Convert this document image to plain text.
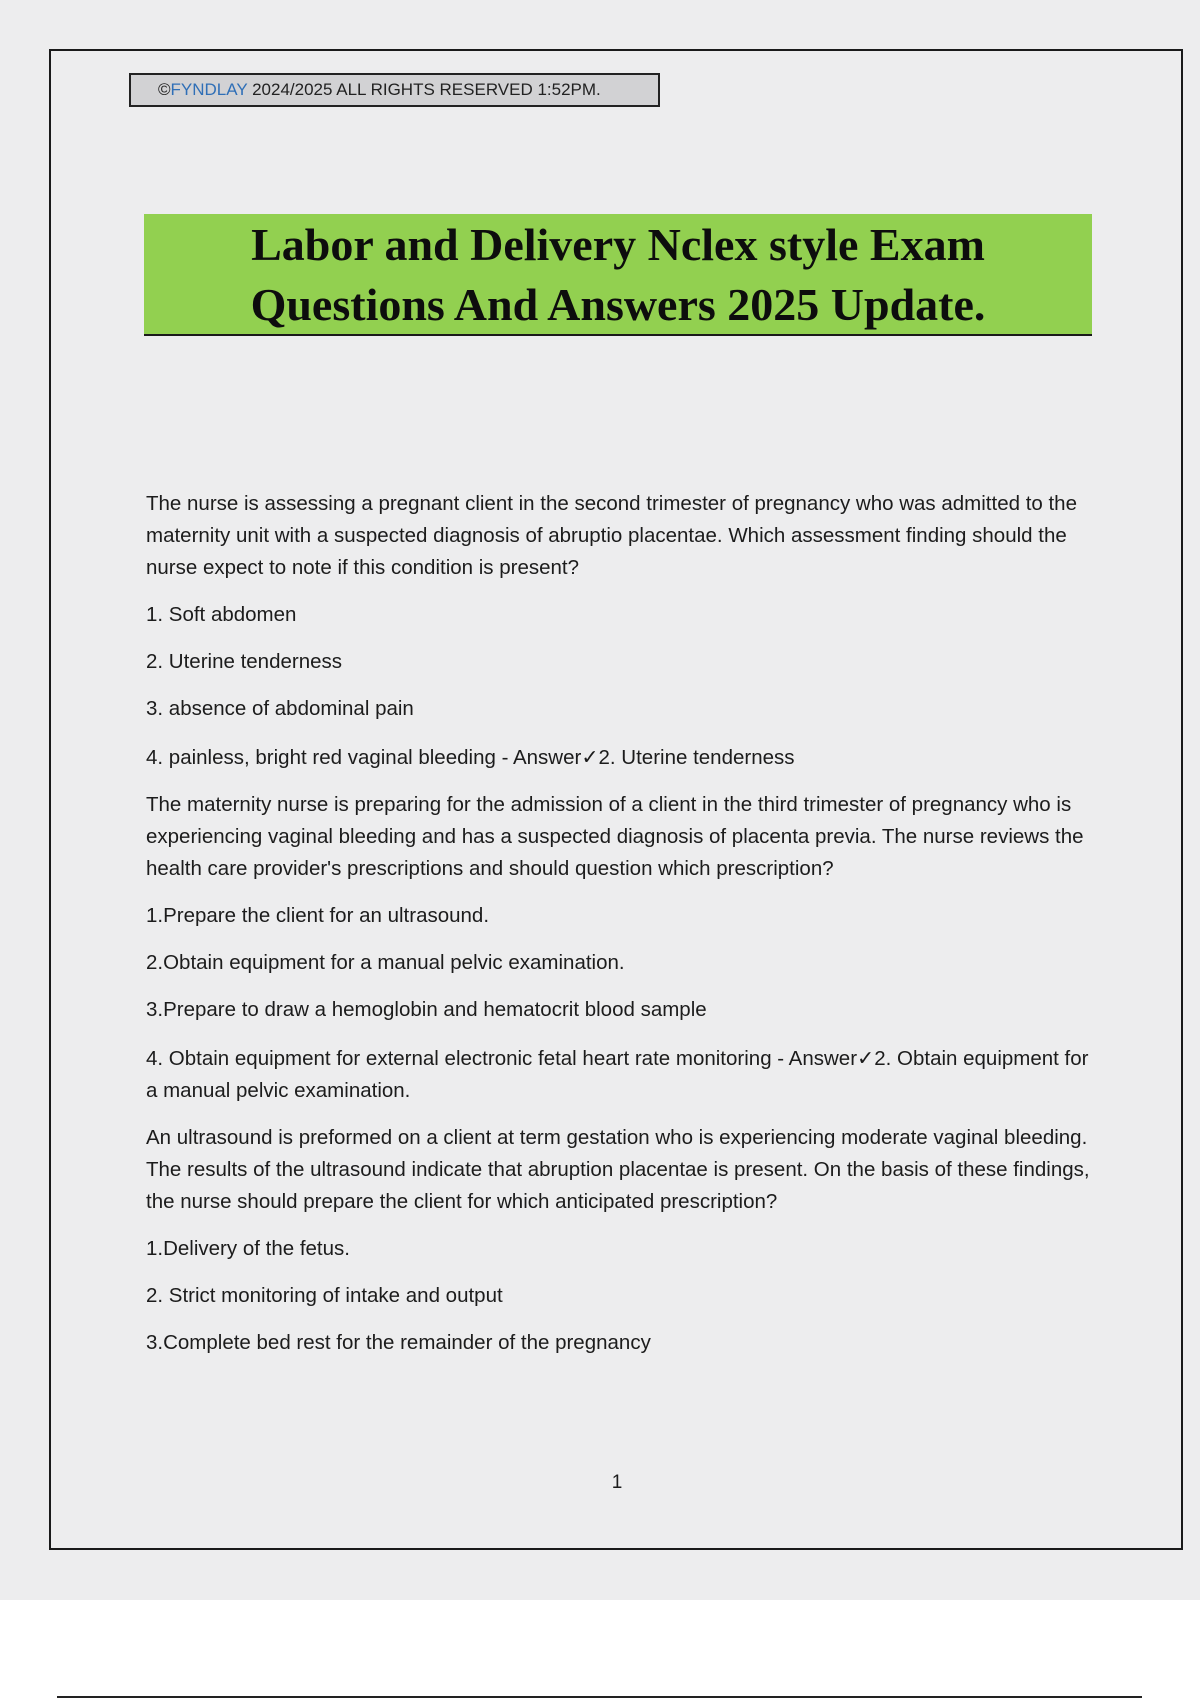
©FYNDLAY 2024/2025 ALL RIGHTS RESERVED 1:52PM.
Labor and Delivery Nclex style Exam
Questions And Answers 2025 Update.

The nurse is assessing a pregnant client in the second trimester of pregnancy who was admitted to the maternity unit with a suspected diagnosis of abruptio placentae. Which assessment finding should the nurse expect to note if this condition is present?

1. Soft abdomen

2. Uterine tenderness

3. absence of abdominal pain

4. painless, bright red vaginal bleeding - Answer✓2. Uterine tenderness

The maternity nurse is preparing for the admission of a client in the third trimester of pregnancy who is experiencing vaginal bleeding and has a suspected diagnosis of placenta previa. The nurse reviews the health care provider's prescriptions and should question which prescription?

1.Prepare the client for an ultrasound.

2.Obtain equipment for a manual pelvic examination.

3.Prepare to draw a hemoglobin and hematocrit blood sample

4. Obtain equipment for external electronic fetal heart rate monitoring - Answer✓2. Obtain equipment for a manual pelvic examination.

An ultrasound is preformed on a client at term gestation who is experiencing moderate vaginal bleeding. The results of the ultrasound indicate that abruption placentae is present. On the basis of these findings, the nurse should prepare the client for which anticipated prescription?

1.Delivery of the fetus.

2. Strict monitoring of intake and output

3.Complete bed rest for the remainder of the pregnancy

1
